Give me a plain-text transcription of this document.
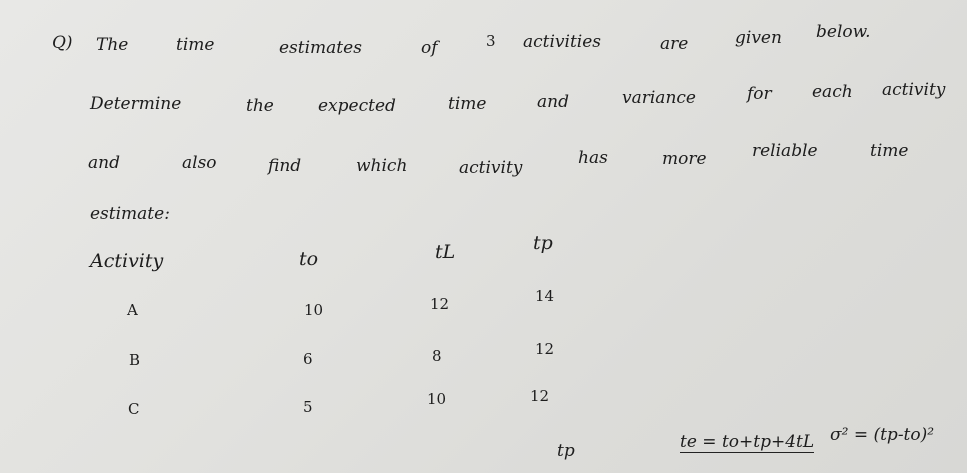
Q) The	time	estimates	of	3 activities	are	given below.
Determine	the	expected	time	and	variance	for each activity
and	also	find	which	activity	has	more	reliable	time
estimate:
Activity	to	tL	tp
A	10	12	14
B	6	8	12
C	5	10	12
tp	te = to+tp+4tL σ² = (tp-to)²
